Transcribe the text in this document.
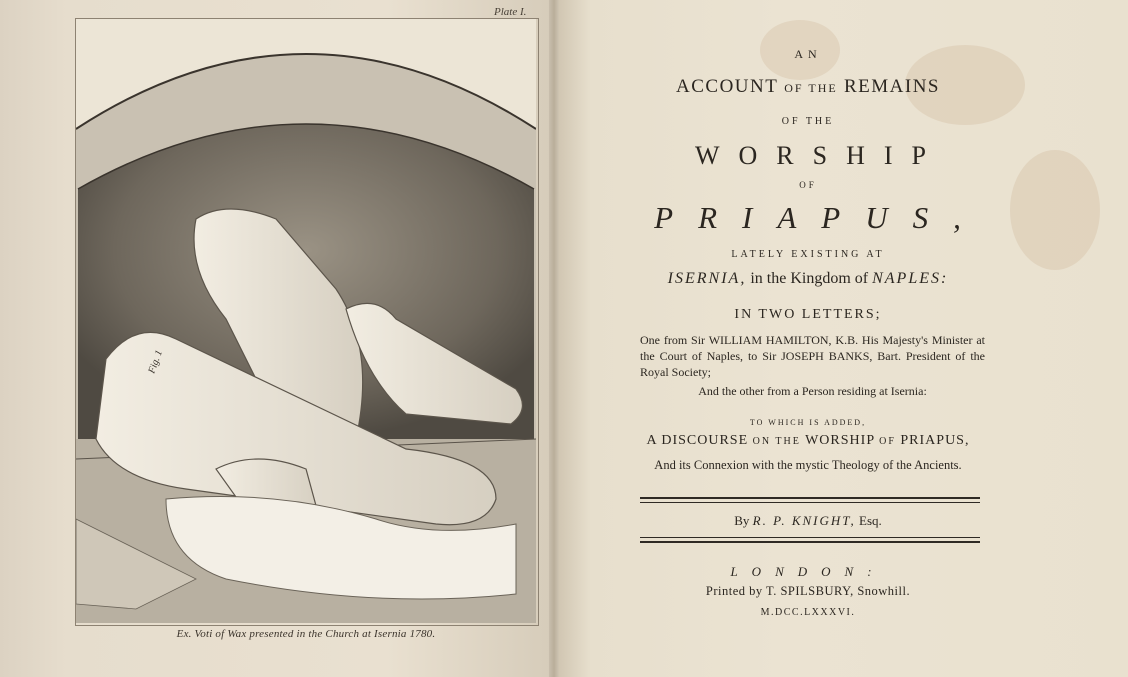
Plate I.
Fig. 1
Ex. Voti of Wax presented in the Church at Isernia 1780.
AN
ACCOUNT OF THE REMAINS
OF THE
WORSHIP
OF
PRIAPUS,
LATELY EXISTING AT
ISERNIA, in the Kingdom of NAPLES:
IN TWO LETTERS;
One from Sir WILLIAM HAMILTON, K.B. His Majesty's Minister at the Court of Naples, to Sir JOSEPH BANKS, Bart. President of the Royal Society;
And the other from a Person residing at Isernia:
TO WHICH IS ADDED,
A DISCOURSE ON THE WORSHIP OF PRIAPUS,
And its Connexion with the mystic Theology of the Ancients.
By R. P. KNIGHT, Esq.
LONDON:
Printed by T. SPILSBURY, Snowhill.
M.DCC.LXXXVI.
